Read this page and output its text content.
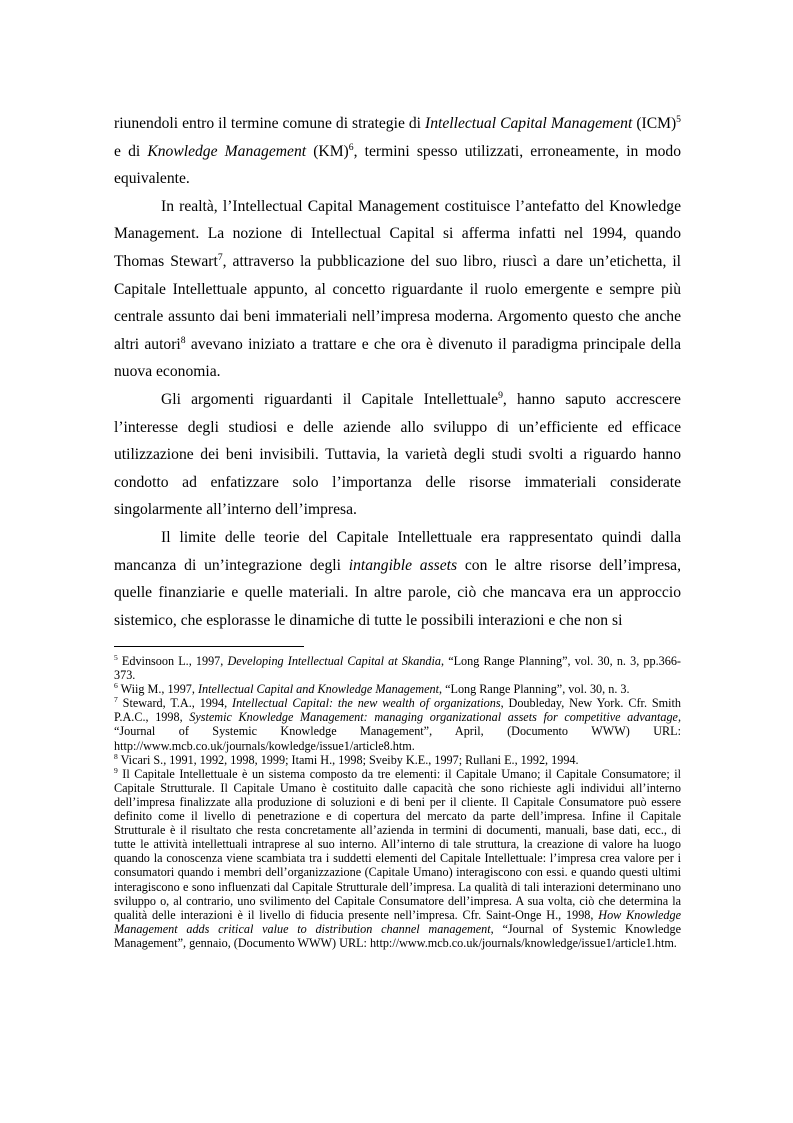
riunendoli entro il termine comune di strategie di Intellectual Capital Management (ICM)$^5$ e di Knowledge Management (KM)$^6$, termini spesso utilizzati, erroneamente, in modo equivalente.

In realtà, l’Intellectual Capital Management costituisce l’antefatto del Knowledge Management. La nozione di Intellectual Capital si afferma infatti nel 1994, quando Thomas Stewart$^7$, attraverso la pubblicazione del suo libro, riuscì a dare un’etichetta, il Capitale Intellettuale appunto, al concetto riguardante il ruolo emergente e sempre più centrale assunto dai beni immateriali nell’impresa moderna. Argomento questo che anche altri autori$^8$ avevano iniziato a trattare e che ora è divenuto il paradigma principale della nuova economia.

Gli argomenti riguardanti il Capitale Intellettuale$^9$, hanno saputo accrescere l’interesse degli studiosi e delle aziende allo sviluppo di un’efficiente ed efficace utilizzazione dei beni invisibili. Tuttavia, la varietà degli studi svolti a riguardo hanno condotto ad enfatizzare solo l’importanza delle risorse immateriali considerate singolarmente all’interno dell’impresa.

Il limite delle teorie del Capitale Intellettuale era rappresentato quindi dalla mancanza di un’integrazione degli intangible assets con le altre risorse dell’impresa, quelle finanziarie e quelle materiali. In altre parole, ciò che mancava era un approccio sistemico, che esplorasse le dinamiche di tutte le possibili interazioni e che non si

$^5$ Edvinsoon L., 1997, Developing Intellectual Capital at Skandia, “Long Range Planning”, vol. 30, n. 3, pp.366-373.

$^6$ Wiig M., 1997, Intellectual Capital and Knowledge Management, “Long Range Planning”, vol. 30, n. 3.

$^7$ Steward, T.A., 1994, Intellectual Capital: the new wealth of organizations, Doubleday, New York. Cfr. Smith P.A.C., 1998, Systemic Knowledge Management: managing organizational assets for competitive advantage, “Journal of Systemic Knowledge Management”, April, (Documento WWW) URL: http://www.mcb.co.uk/journals/kowledge/issue1/article8.htm.

$^8$ Vicari S., 1991, 1992, 1998, 1999; Itami H., 1998; Sveiby K.E., 1997; Rullani E., 1992, 1994.

$^9$ Il Capitale Intellettuale è un sistema composto da tre elementi: il Capitale Umano; il Capitale Consumatore; il Capitale Strutturale. Il Capitale Umano è costituito dalle capacità che sono richieste agli individui all’interno dell’impresa finalizzate alla produzione di soluzioni e di beni per il cliente. Il Capitale Consumatore può essere definito come il livello di penetrazione e di copertura del mercato da parte dell’impresa. Infine il Capitale Strutturale è il risultato che resta concretamente all’azienda in termini di documenti, manuali, base dati, ecc., di tutte le attività intellettuali intraprese al suo interno. All’interno di tale struttura, la creazione di valore ha luogo quando la conoscenza viene scambiata tra i suddetti elementi del Capitale Intellettuale: l’impresa crea valore per i consumatori quando i membri dell’organizzazione (Capitale Umano) interagiscono con essi. e quando questi ultimi interagiscono e sono influenzati dal Capitale Strutturale dell’impresa. La qualità di tali interazioni determinano uno sviluppo o, al contrario, uno svilimento del Capitale Consumatore dell’impresa. A sua volta, ciò che determina la qualità delle interazioni è il livello di fiducia presente nell’impresa. Cfr. Saint-Onge H., 1998, How Knowledge Management adds critical value to distribution channel management, “Journal of Systemic Knowledge Management”, gennaio, (Documento WWW) URL: http://www.mcb.co.uk/journals/knowledge/issue1/article1.htm.
